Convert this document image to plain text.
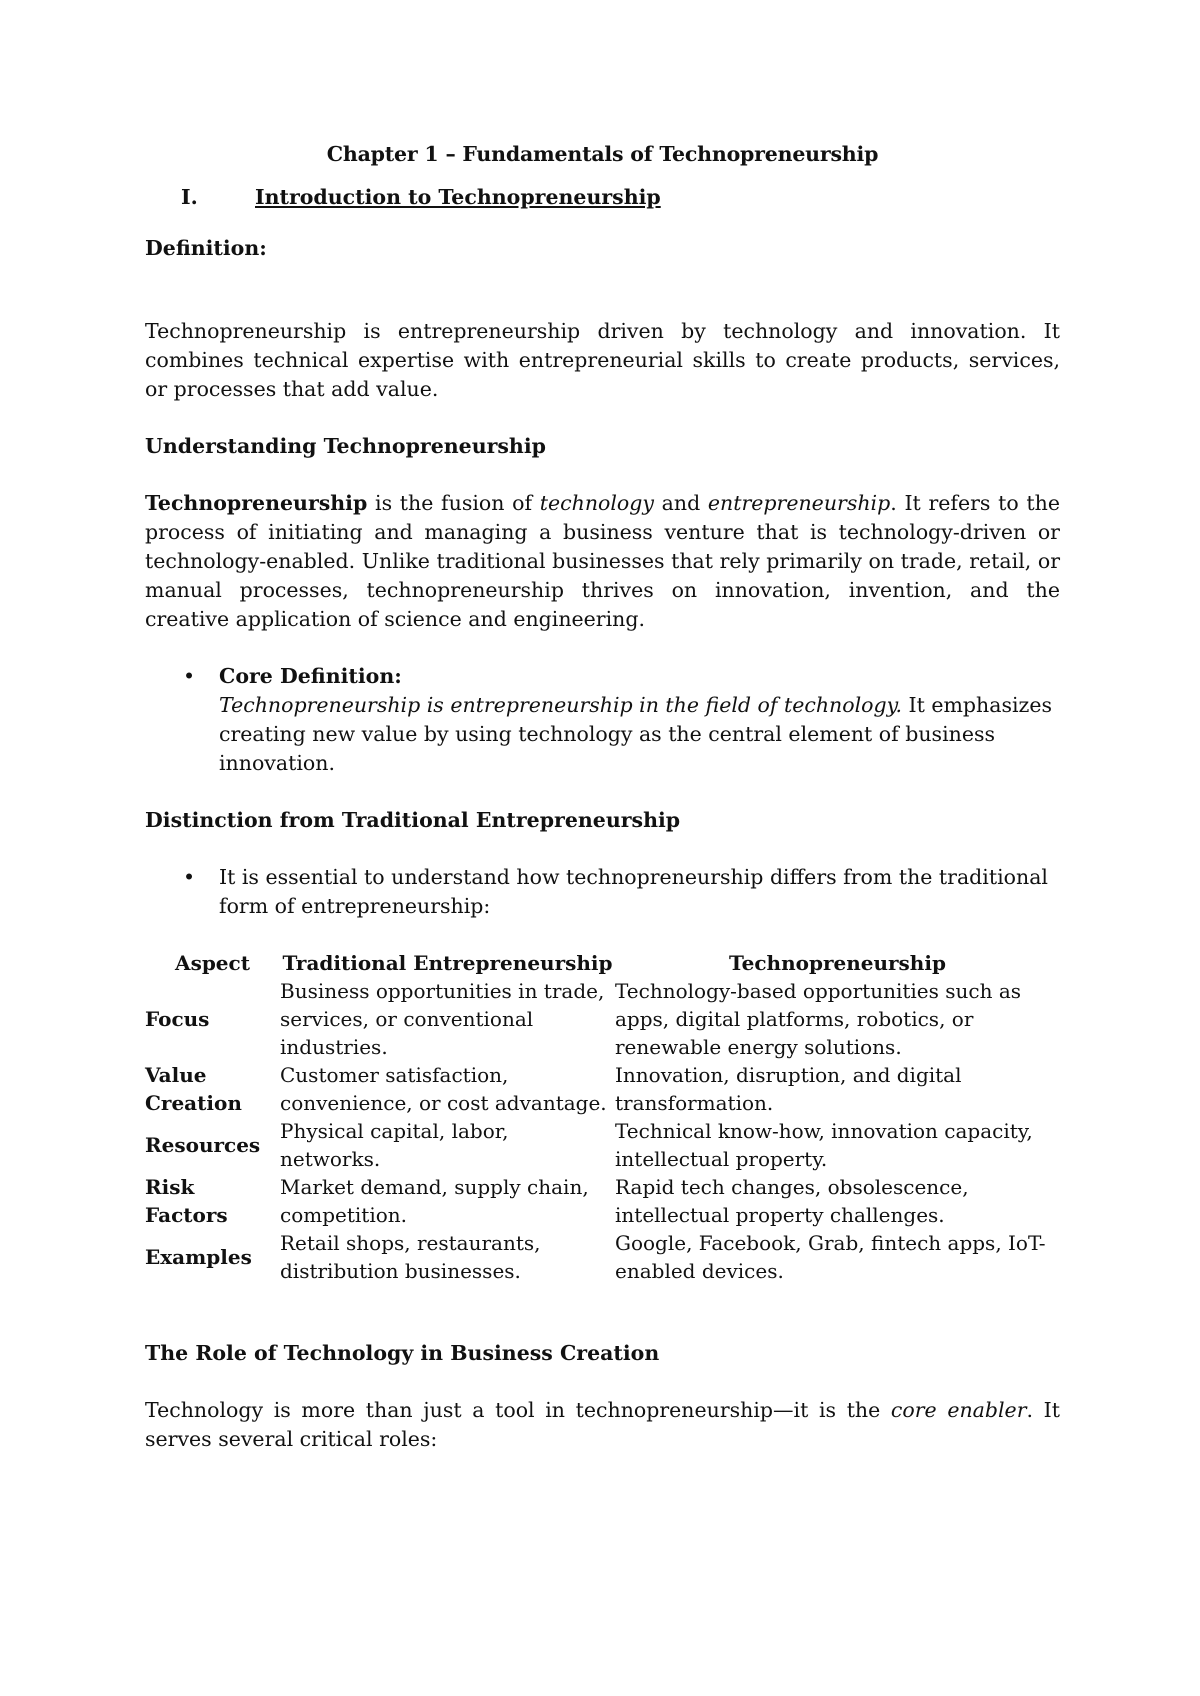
Chapter 1 – Fundamentals of Technopreneurship

I.	Introduction to Technopreneurship

Definition:

Technopreneurship is entrepreneurship driven by technology and innovation. It combines technical expertise with entrepreneurial skills to create products, services, or processes that add value.

Understanding Technopreneurship

Technopreneurship is the fusion of technology and entrepreneurship. It refers to the process of initiating and managing a business venture that is technology-driven or technology-enabled. Unlike traditional businesses that rely primarily on trade, retail, or manual processes, technopreneurship thrives on innovation, invention, and the creative application of science and engineering.

• Core Definition:
Technopreneurship is entrepreneurship in the field of technology. It emphasizes creating new value by using technology as the central element of business innovation.

Distinction from Traditional Entrepreneurship

• It is essential to understand how technopreneurship differs from the traditional form of entrepreneurship:
Aspect	Traditional Entrepreneurship	Technopreneurship
Focus	Business opportunities in trade, services, or conventional industries.	Technology-based opportunities such as apps, digital platforms, robotics, or renewable energy solutions.
Value Creation	Customer satisfaction, convenience, or cost advantage.	Innovation, disruption, and digital transformation.
Resources	Physical capital, labor, networks.	Technical know-how, innovation capacity, intellectual property.
Risk Factors	Market demand, supply chain, competition.	Rapid tech changes, obsolescence, intellectual property challenges.
Examples	Retail shops, restaurants, distribution businesses.	Google, Facebook, Grab, fintech apps, IoT-enabled devices.

The Role of Technology in Business Creation

Technology is more than just a tool in technopreneurship—it is the core enabler. It serves several critical roles:
